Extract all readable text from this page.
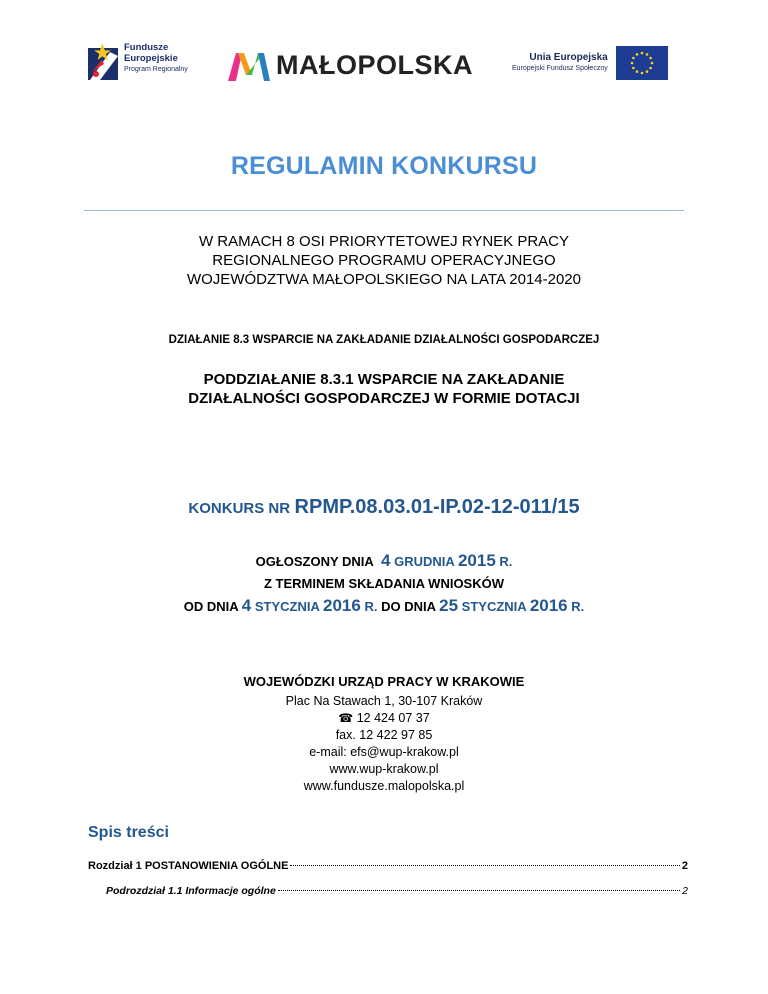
Fundusze
Europejskie
Program Regionalny	MAŁOPOLSKA	Unia Europejska
Europejski Fundusz Społeczny
REGULAMIN KONKURSU
W RAMACH 8 OSI PRIORYTETOWEJ RYNEK PRACY
REGIONALNEGO PROGRAMU OPERACYJNEGO
WOJEWÓDZTWA MAŁOPOLSKIEGO NA LATA 2014-2020
DZIAŁANIE 8.3 WSPARCIE NA ZAKŁADANIE DZIAŁALNOŚCI GOSPODARCZEJ
PODDZIAŁANIE 8.3.1 WSPARCIE NA ZAKŁADANIE
DZIAŁALNOŚCI GOSPODARCZEJ W FORMIE DOTACJI
KONKURS NR RPMP.08.03.01-IP.02-12-011/15
OGŁOSZONY DNIA 4 GRUDNIA 2015 R.
Z TERMINEM SKŁADANIA WNIOSKÓW
OD DNIA 4 STYCZNIA 2016 R. DO DNIA 25 STYCZNIA 2016 R.
WOJEWÓDZKI URZĄD PRACY W KRAKOWIE
Plac Na Stawach 1, 30-107 Kraków
☎ 12 424 07 37
fax. 12 422 97 85
e-mail: efs@wup-krakow.pl
www.wup-krakow.pl
www.fundusze.malopolska.pl
Spis treści
Rozdział 1 POSTANOWIENIA OGÓLNE	2
Podrozdział 1.1 Informacje ogólne	2
